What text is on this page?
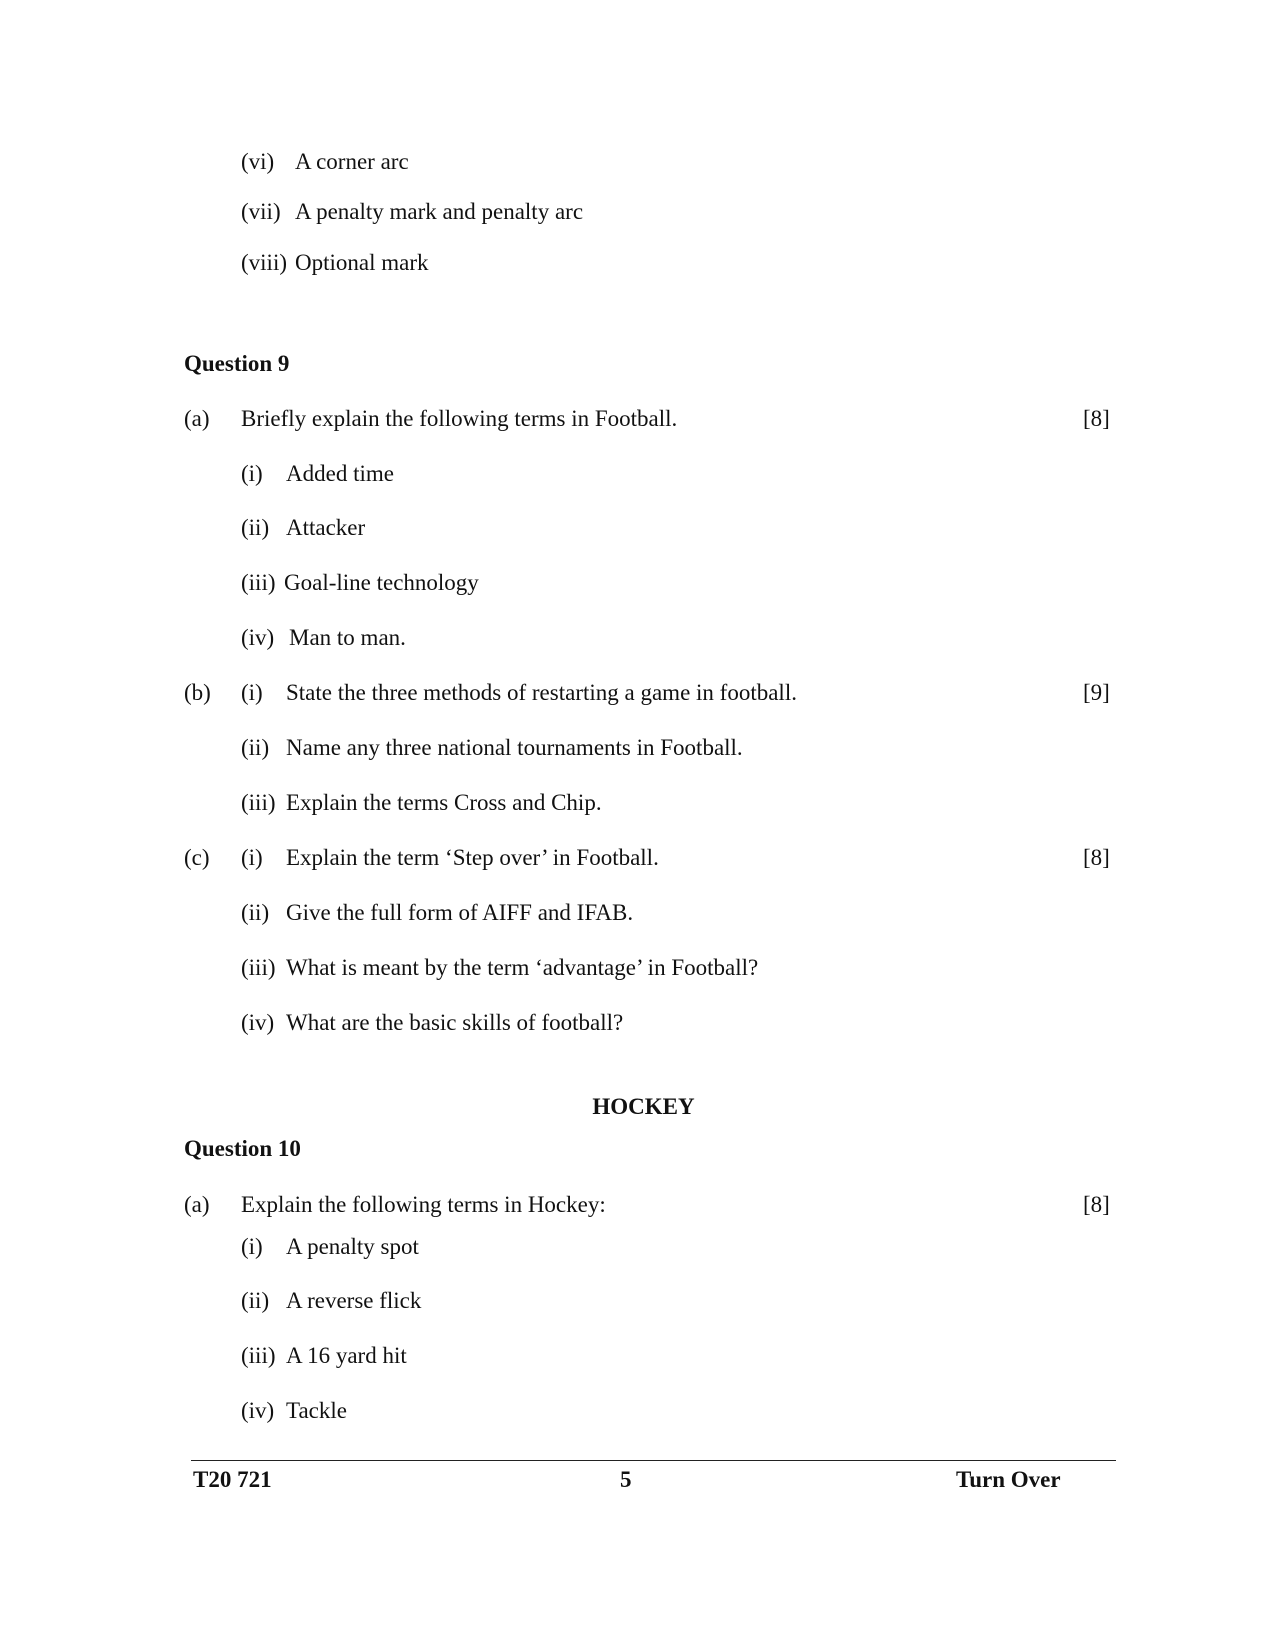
(vi) A corner arc
(vii) A penalty mark and penalty arc
(viii) Optional mark
Question 9
(a) Briefly explain the following terms in Football.	[8]
(i) Added time
(ii) Attacker
(iii) Goal-line technology
(iv) Man to man.
(b)	[9]
(i) State the three methods of restarting a game in football.
(ii) Name any three national tournaments in Football.
(iii) Explain the terms Cross and Chip.
(c)	[8]
(i) Explain the term ‘Step over’ in Football.
(ii) Give the full form of AIFF and IFAB.
(iii) What is meant by the term ‘advantage’ in Football?
(iv) What are the basic skills of football?
HOCKEY
Question 10
(a) Explain the following terms in Hockey:	[8]
(i) A penalty spot
(ii) A reverse flick
(iii) A 16 yard hit
(iv) Tackle
T20 721	5	Turn Over
